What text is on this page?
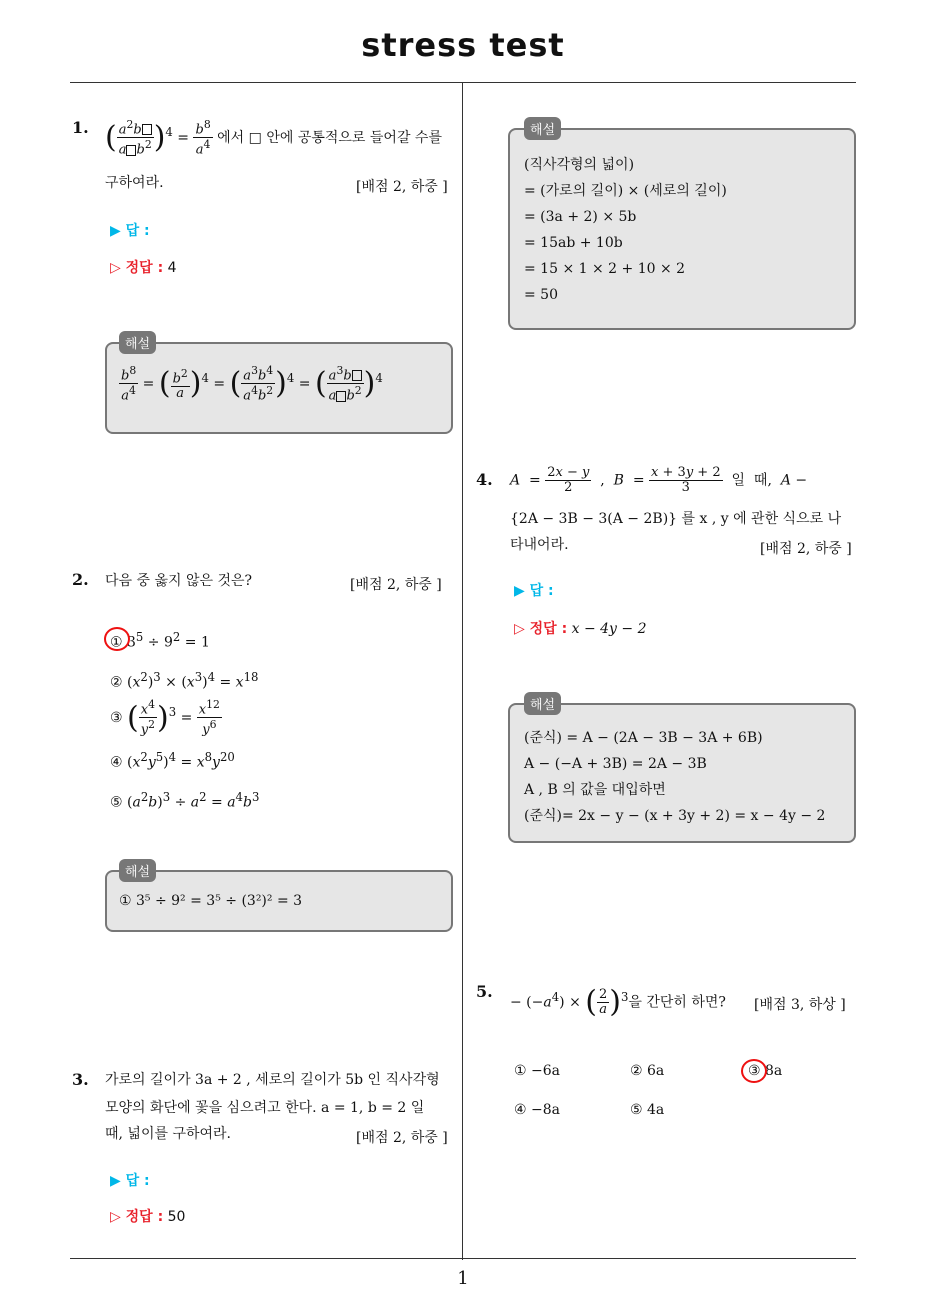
stress test
1
1. ( $\frac{a^2b}{a b^2} )^4 = \frac{b^8}{a^4}$ 에서 □ 안에 공통적으로 들어갈 수를
구하여라.	[배점 2, 하중 ]
▶ 답 :
▷ 정답 : 4
$\frac{b^8}{a^4}$ = ( $\frac{b^2}{a} )^4$ = ( $\frac{a^3b^4}{a^4b^2} )^4$ = ( $\frac{a^3b}{a b^2} )^4$
해설
2. 다음 중 옳지 않은 것은?	[배점 2, 하중 ]
① $3^5 \div 9^2 = 1$
② $(x^2)^3 \times (x^3)^4 = x^{18}$
③ ( $\frac{x^4}{y^2} )^3 = \frac{x^{12}}{y^6}$
④ $(x^2y^5)^4 = x^8y^{20}$
⑤ $(a^2b)^3 \div a^2 = a^4b^3$
① 3⁵ ÷ 9² = 3⁵ ÷ (3²)² = 3
해설
3. 가로의 길이가 3a + 2 , 세로의 길이가 5b 인 직사각형
모양의 화단에 꽃을 심으려고 한다. a = 1, b = 2 일
때, 넓이를 구하여라.	[배점 2, 하중 ]
▶ 답 :
▷ 정답 : 50
(직사각형의 넓이)
= (가로의 길이) × (세로의 길이)
= (3a + 2) × 5b
= 15ab + 10b
= 15 × 1 × 2 + 10 × 2
= 50
해설
4. $A = \frac{2x - y}{2}$ ,  $B = \frac{x + 3y + 2}{3}$ 일  때,  A −
{2A − 3B − 3(A − 2B)} 를 x , y 에 관한 식으로 나
타내어라.	[배점 2, 하중 ]
▶ 답 :
▷ 정답 : x − 4y − 2
(준식) = A − (2A − 3B − 3A + 6B)
A − (−A + 3B) = 2A − 3B
A , B 의 값을 대입하면
(준식)= 2x − y − (x + 3y + 2) = x − 4y − 2
해설
5.
− $(-a^4)$ × ( $\frac{2}{a} )^3$을 간단히 하면? [배점 3, 하상 ]
① −6a	② 6a	③ 8a
④ −8a	⑤ 4a
